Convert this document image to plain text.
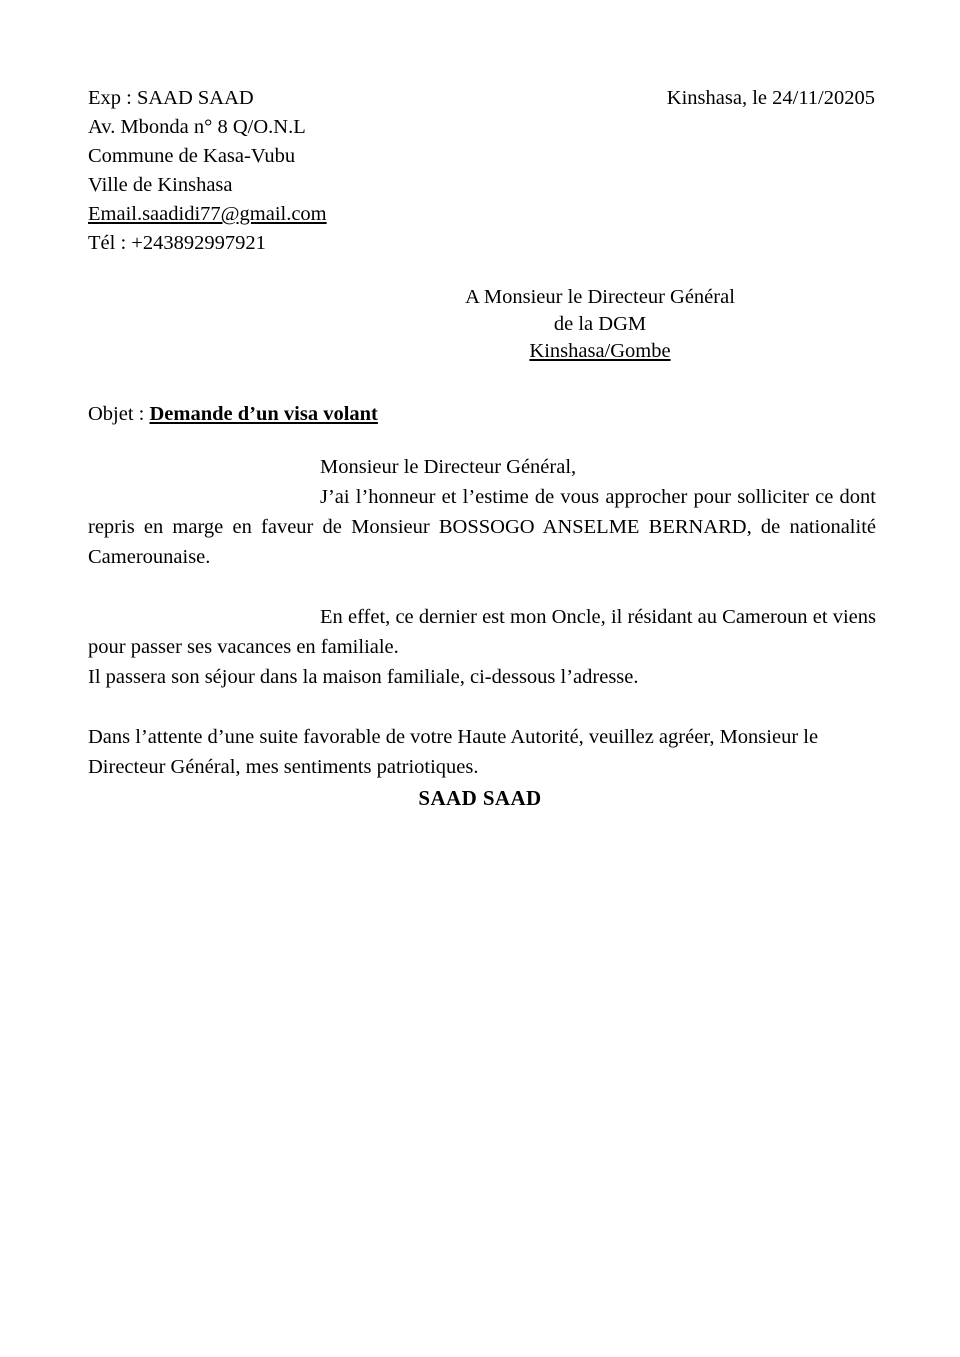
Exp : SAAD SAAD
Av. Mbonda n° 8 Q/O.N.L
Commune de Kasa-Vubu
Ville de Kinshasa
Email.saadidi77@gmail.com
Tél : +243892997921
Kinshasa, le 24/11/20205
A Monsieur le Directeur Général
de la DGM
Kinshasa/Gombe
Objet : Demande d’un visa volant

Monsieur le Directeur Général,

J’ai l’honneur et l’estime de vous approcher pour solliciter ce dont repris en marge en faveur de Monsieur BOSSOGO ANSELME BERNARD, de nationalité Camerounaise.

En effet, ce dernier est mon Oncle, il résidant au Cameroun et viens pour passer ses vacances en familiale.

Il passera son séjour dans la maison familiale, ci-dessous l’adresse.

Dans l’attente d’une suite favorable de votre Haute Autorité, veuillez agréer, Monsieur le Directeur Général, mes sentiments patriotiques.

SAAD SAAD
